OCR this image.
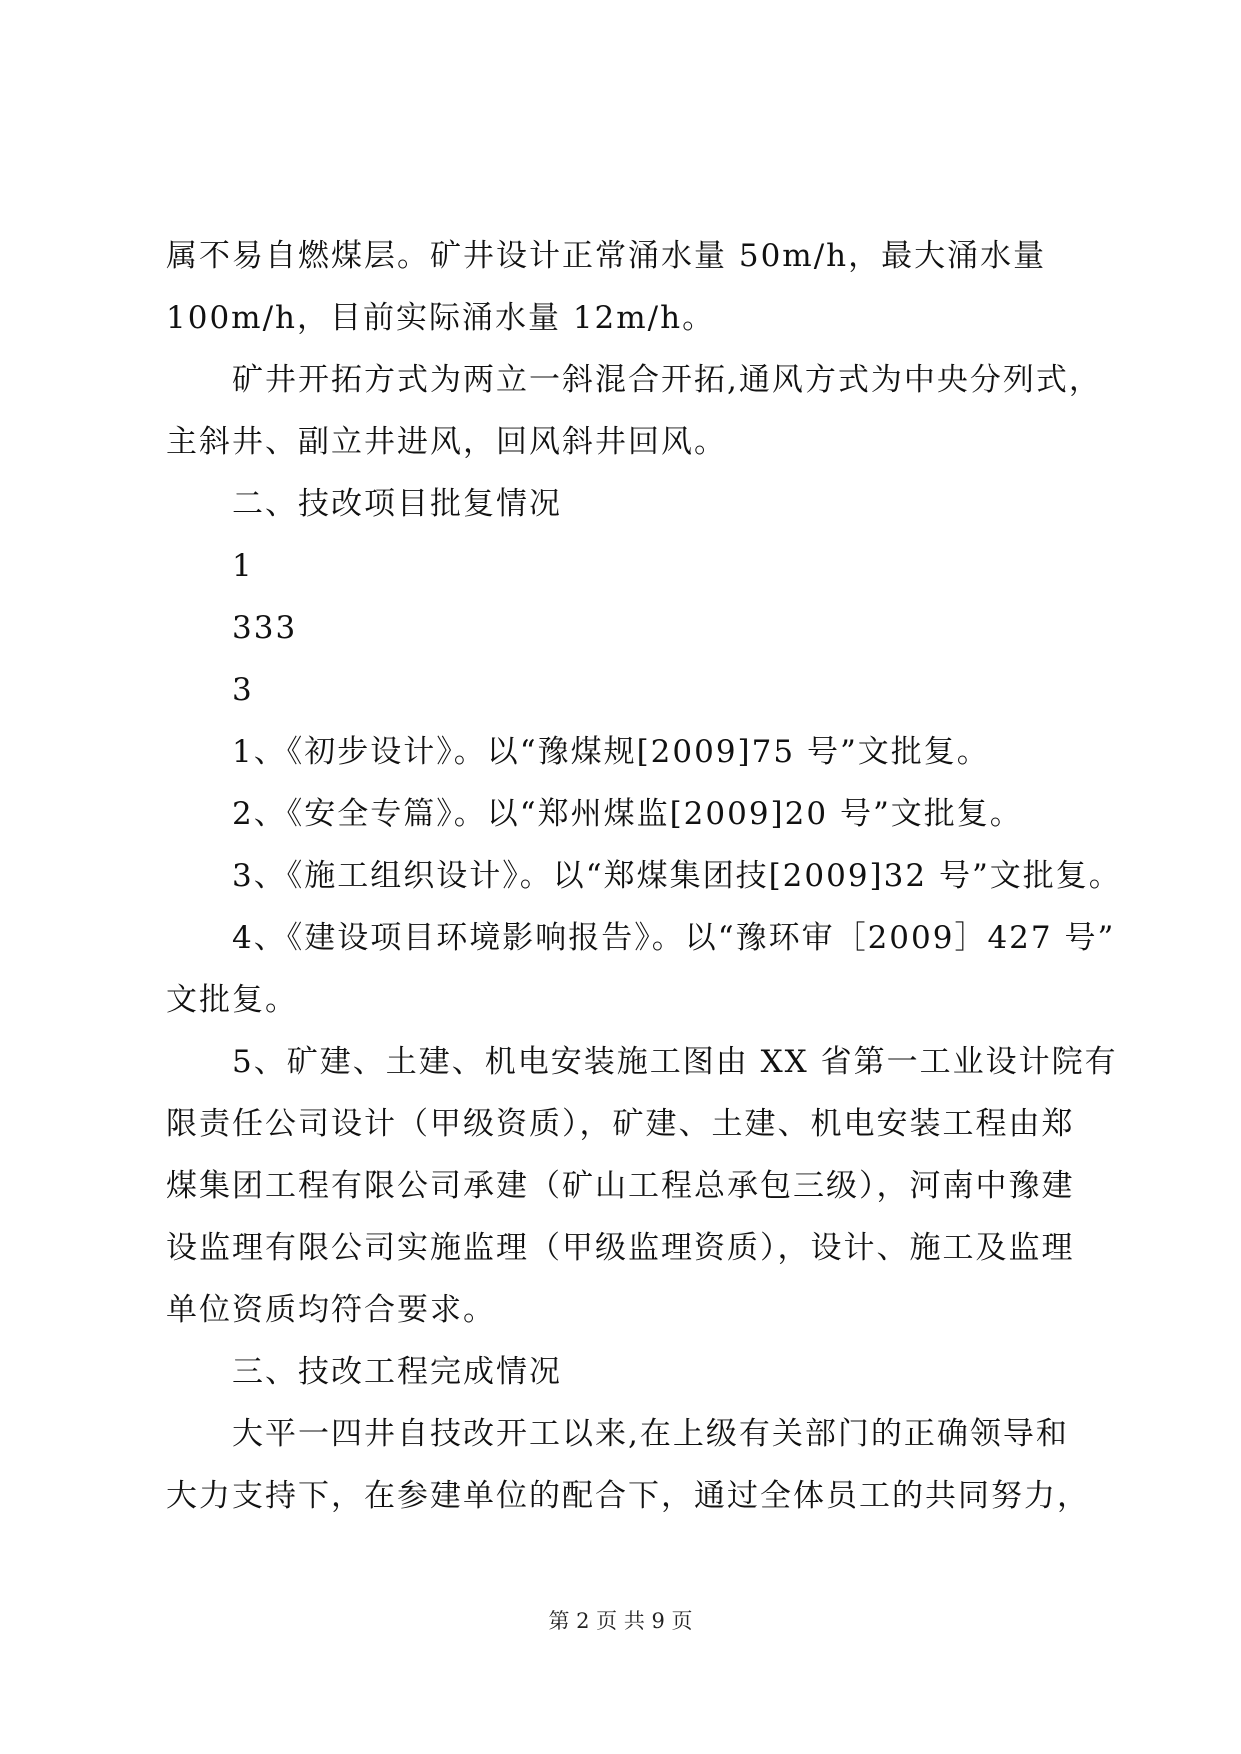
属不易自燃煤层。矿井设计正常涌水量 50m/h，最大涌水量
100m/h，目前实际涌水量 12m/h。
矿井开拓方式为两立一斜混合开拓,通风方式为中央分列式，
主斜井、副立井进风，回风斜井回风。
二、技改项目批复情况
1
333
3
1、《初步设计》。以“豫煤规[2009]75 号”文批复。
2、《安全专篇》。以“郑州煤监[2009]20 号”文批复。
3、《施工组织设计》。以“郑煤集团技[2009]32 号”文批复。
4、《建设项目环境影响报告》。以“豫环审［2009］427 号”
文批复。
5、矿建、土建、机电安装施工图由 XX 省第一工业设计院有
限责任公司设计（甲级资质），矿建、土建、机电安装工程由郑
煤集团工程有限公司承建（矿山工程总承包三级），河南中豫建
设监理有限公司实施监理（甲级监理资质），设计、施工及监理
单位资质均符合要求。
三、技改工程完成情况
大平一四井自技改开工以来,在上级有关部门的正确领导和
大力支持下，在参建单位的配合下，通过全体员工的共同努力，
第 2 页 共 9 页
